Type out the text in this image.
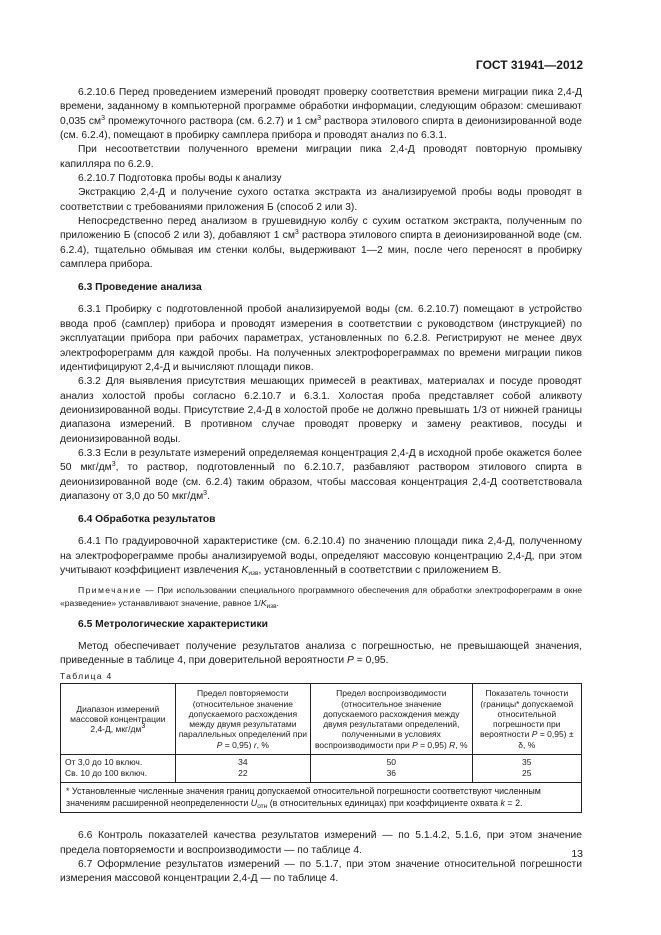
ГОСТ 31941—2012

6.2.10.6 Перед проведением измерений проводят проверку соответствия времени миграции пика 2,4-Д времени, заданному в компьютерной программе обработки информации, следующим образом: смешивают 0,035 $см^3$ промежуточного раствора (см. 6.2.7) и 1 $см^3$ раствора этилового спирта в деионизированной воде (см. 6.2.4), помещают в пробирку самплера прибора и проводят анализ по 6.3.1.

При несоответствии полученного времени миграции пика 2,4-Д проводят повторную промывку капилляра по 6.2.9.

6.2.10.7 Подготовка пробы воды к анализу

Экстракцию 2,4-Д и получение сухого остатка экстракта из анализируемой пробы воды проводят в соответствии с требованиями приложения Б (способ 2 или 3).

Непосредственно перед анализом в грушевидную колбу с сухим остатком экстракта, полученным по приложению Б (способ 2 или 3), добавляют 1 $см^3$ раствора этилового спирта в деионизированной воде (см. 6.2.4), тщательно обмывая им стенки колбы, выдерживают 1—2 мин, после чего переносят в пробирку самплера прибора.

6.3 Проведение анализа

6.3.1 Пробирку с подготовленной пробой анализируемой воды (см. 6.2.10.7) помещают в устройство ввода проб (самплер) прибора и проводят измерения в соответствии с руководством (инструкцией) по эксплуатации прибора при рабочих параметрах, установленных по 6.2.8. Регистрируют не менее двух электрофореграмм для каждой пробы. На полученных электрофореграммах по времени миграции пиков идентифицируют 2,4-Д и вычисляют площади пиков.

6.3.2 Для выявления присутствия мешающих примесей в реактивах, материалах и посуде проводят анализ холостой пробы согласно 6.2.10.7 и 6.3.1. Холостая проба представляет собой аликвоту деионизированной воды. Присутствие 2,4-Д в холостой пробе не должно превышать 1/3 от нижней границы диапазона измерений. В противном случае проводят проверку и замену реактивов, посуды и деионизированной воды.

6.3.3 Если в результате измерений определяемая концентрация 2,4-Д в исходной пробе окажется более 50 мкг/$дм^3$, то раствор, подготовленный по 6.2.10.7, разбавляют раствором этилового спирта в деионизированной воде (см. 6.2.4) таким образом, чтобы массовая концентрация 2,4-Д соответствовала диапазону от 3,0 до 50 мкг/$дм^3$.

6.4 Обработка результатов

6.4.1 По градуировочной характеристике (см. 6.2.10.4) по значению площади пика 2,4-Д, полученному на электрофореграмме пробы анализируемой воды, определяют массовую концентрацию 2,4-Д, при этом учитывают коэффициент извлечения $K_{изв}$, установленный в соответствии с приложением В.

Примечание — При использовании специального программного обеспечения для обработки электрофореграмм в окне «разведение» устанавливают значение, равное $1/K_{изв}$.

6.5 Метрологические характеристики

Метод обеспечивает получение результатов анализа с погрешностью, не превышающей значения, приведенные в таблице 4, при доверительной вероятности P = 0,95.

Таблица 4

Диапазон измерений массовой концентрации 2,4-Д, мкг/$дм^3$	Предел повторяемости (относительное значение допускаемого расхождения между двумя результатами параллельных определений при P = 0,95) r, %	Предел воспроизводимости (относительное значение допускаемого расхождения между двумя результатами определений, полученными в условиях воспроизводимости при P = 0,95) R, %	Показатель точности (границы* допускаемой относительной погрешности при вероятности P = 0,95) ± δ, %
От 3,0 до 10 включ.	34	50	35
Св. 10 до 100 включ.	22	36	25
* Установленные численные значения границ допускаемой относительной погрешности соответствуют численным значениям расширенной неопределенности $U_{отн}$ (в относительных единицах) при коэффициенте охвата k = 2.			

6.6 Контроль показателей качества результатов измерений — по 5.1.4.2, 5.1.6, при этом значение предела повторяемости и воспроизводимости — по таблице 4.

6.7 Оформление результатов измерений — по 5.1.7, при этом значение относительной погрешности измерения массовой концентрации 2,4-Д — по таблице 4.

13
